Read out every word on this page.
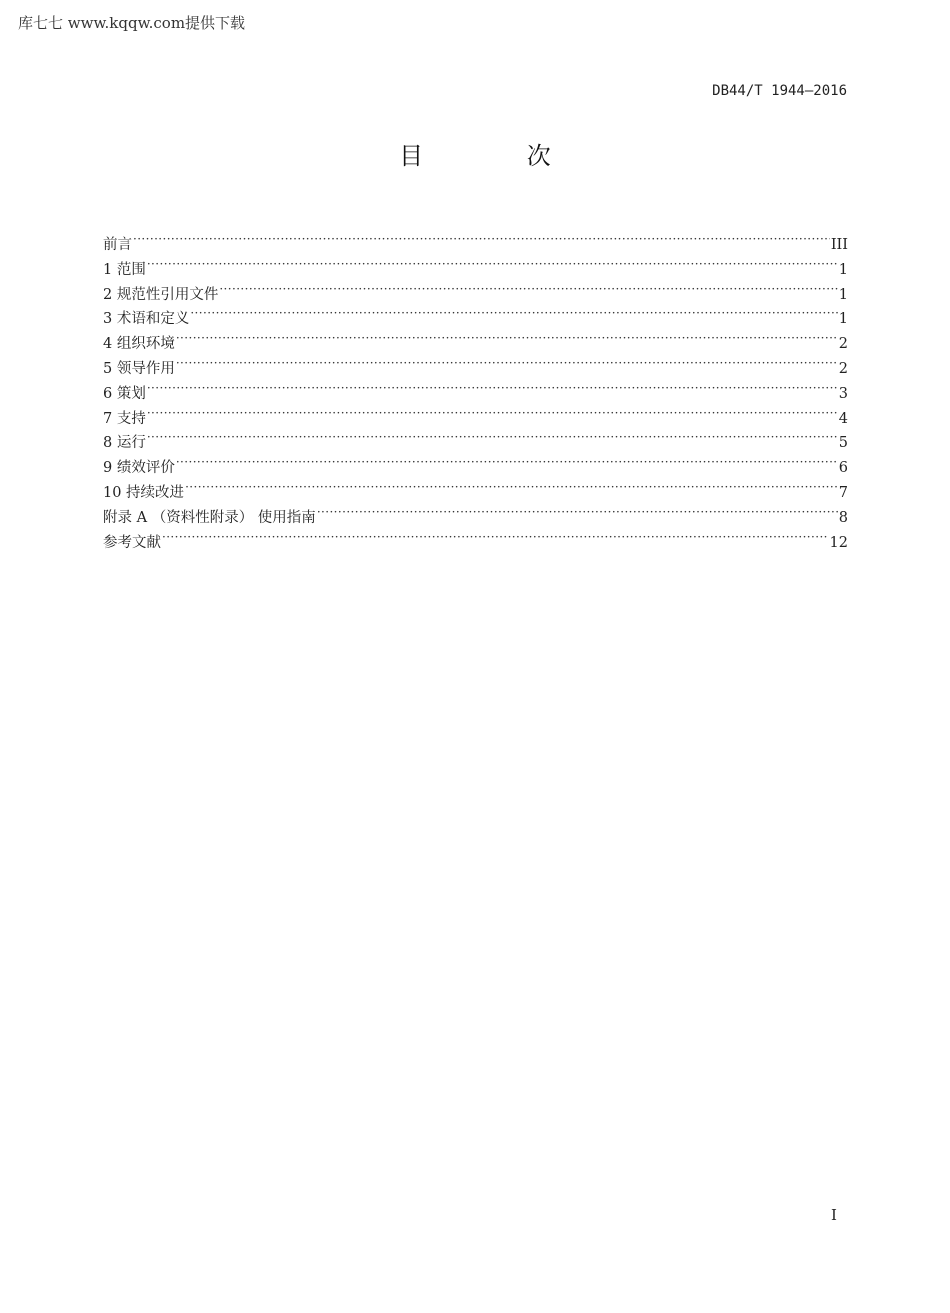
库七七 www.kqqw.com提供下载
DB44/T 1944—2016
目 次
前言 ·····	III
1 范围 ·····	1
2 规范性引用文件 ·····	1
3 术语和定义 ·····	1
4 组织环境 ·····	2
5 领导作用 ·····	2
6 策划 ·····	3
7 支持 ·····	4
8 运行 ·····	5
9 绩效评价 ·····	6
10 持续改进 ·····	7
附录 A （资料性附录） 使用指南 ·····	8
参考文献 ·····	12
I
